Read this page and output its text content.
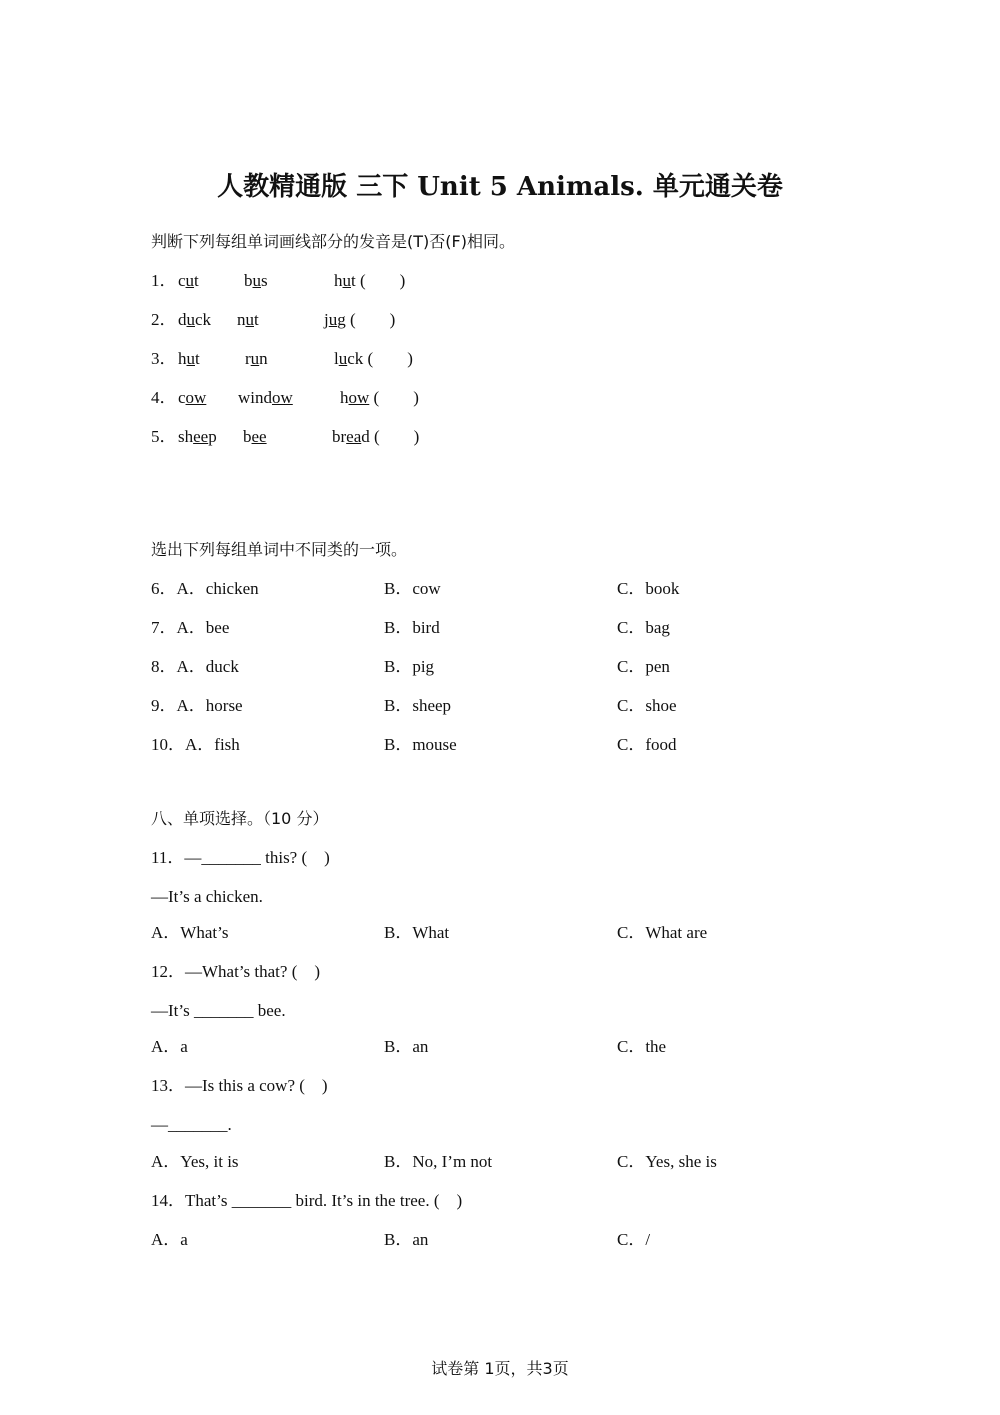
人教精通版 三下 Unit 5 Animals. 单元通关卷
判断下列每组单词画线部分的发音是(T)否(F)相同。
1． cut	bus	hut (　　)
2． duck nut	jug (　　)
3． hut	run	luck (　　)
4． cow window	how (　　)
5． sheep bee	bread (　　)
选出下列每组单词中不同类的一项。
6．A．chicken	B．cow	C．book
7．A．bee	B．bird	C．bag
8．A．duck	B．pig	C．pen
9．A．horse	B．sheep	C．shoe
10．A．fish	B．mouse	C．food
八、单项选择。（10 分）
11．—_______ this? (　)
—It’s a chicken.
A．What’s	B．What	C．What are
12．—What’s that? (　)
—It’s _______ bee.
A．a	B．an	C．the
13．—Is this a cow? (　)
—_______.
A．Yes, it is	B．No, I’m not	C．Yes, she is
14．That’s _______ bird. It’s in the tree. (　)
A．a	B．an	C．/
试卷第 1页，共3页
